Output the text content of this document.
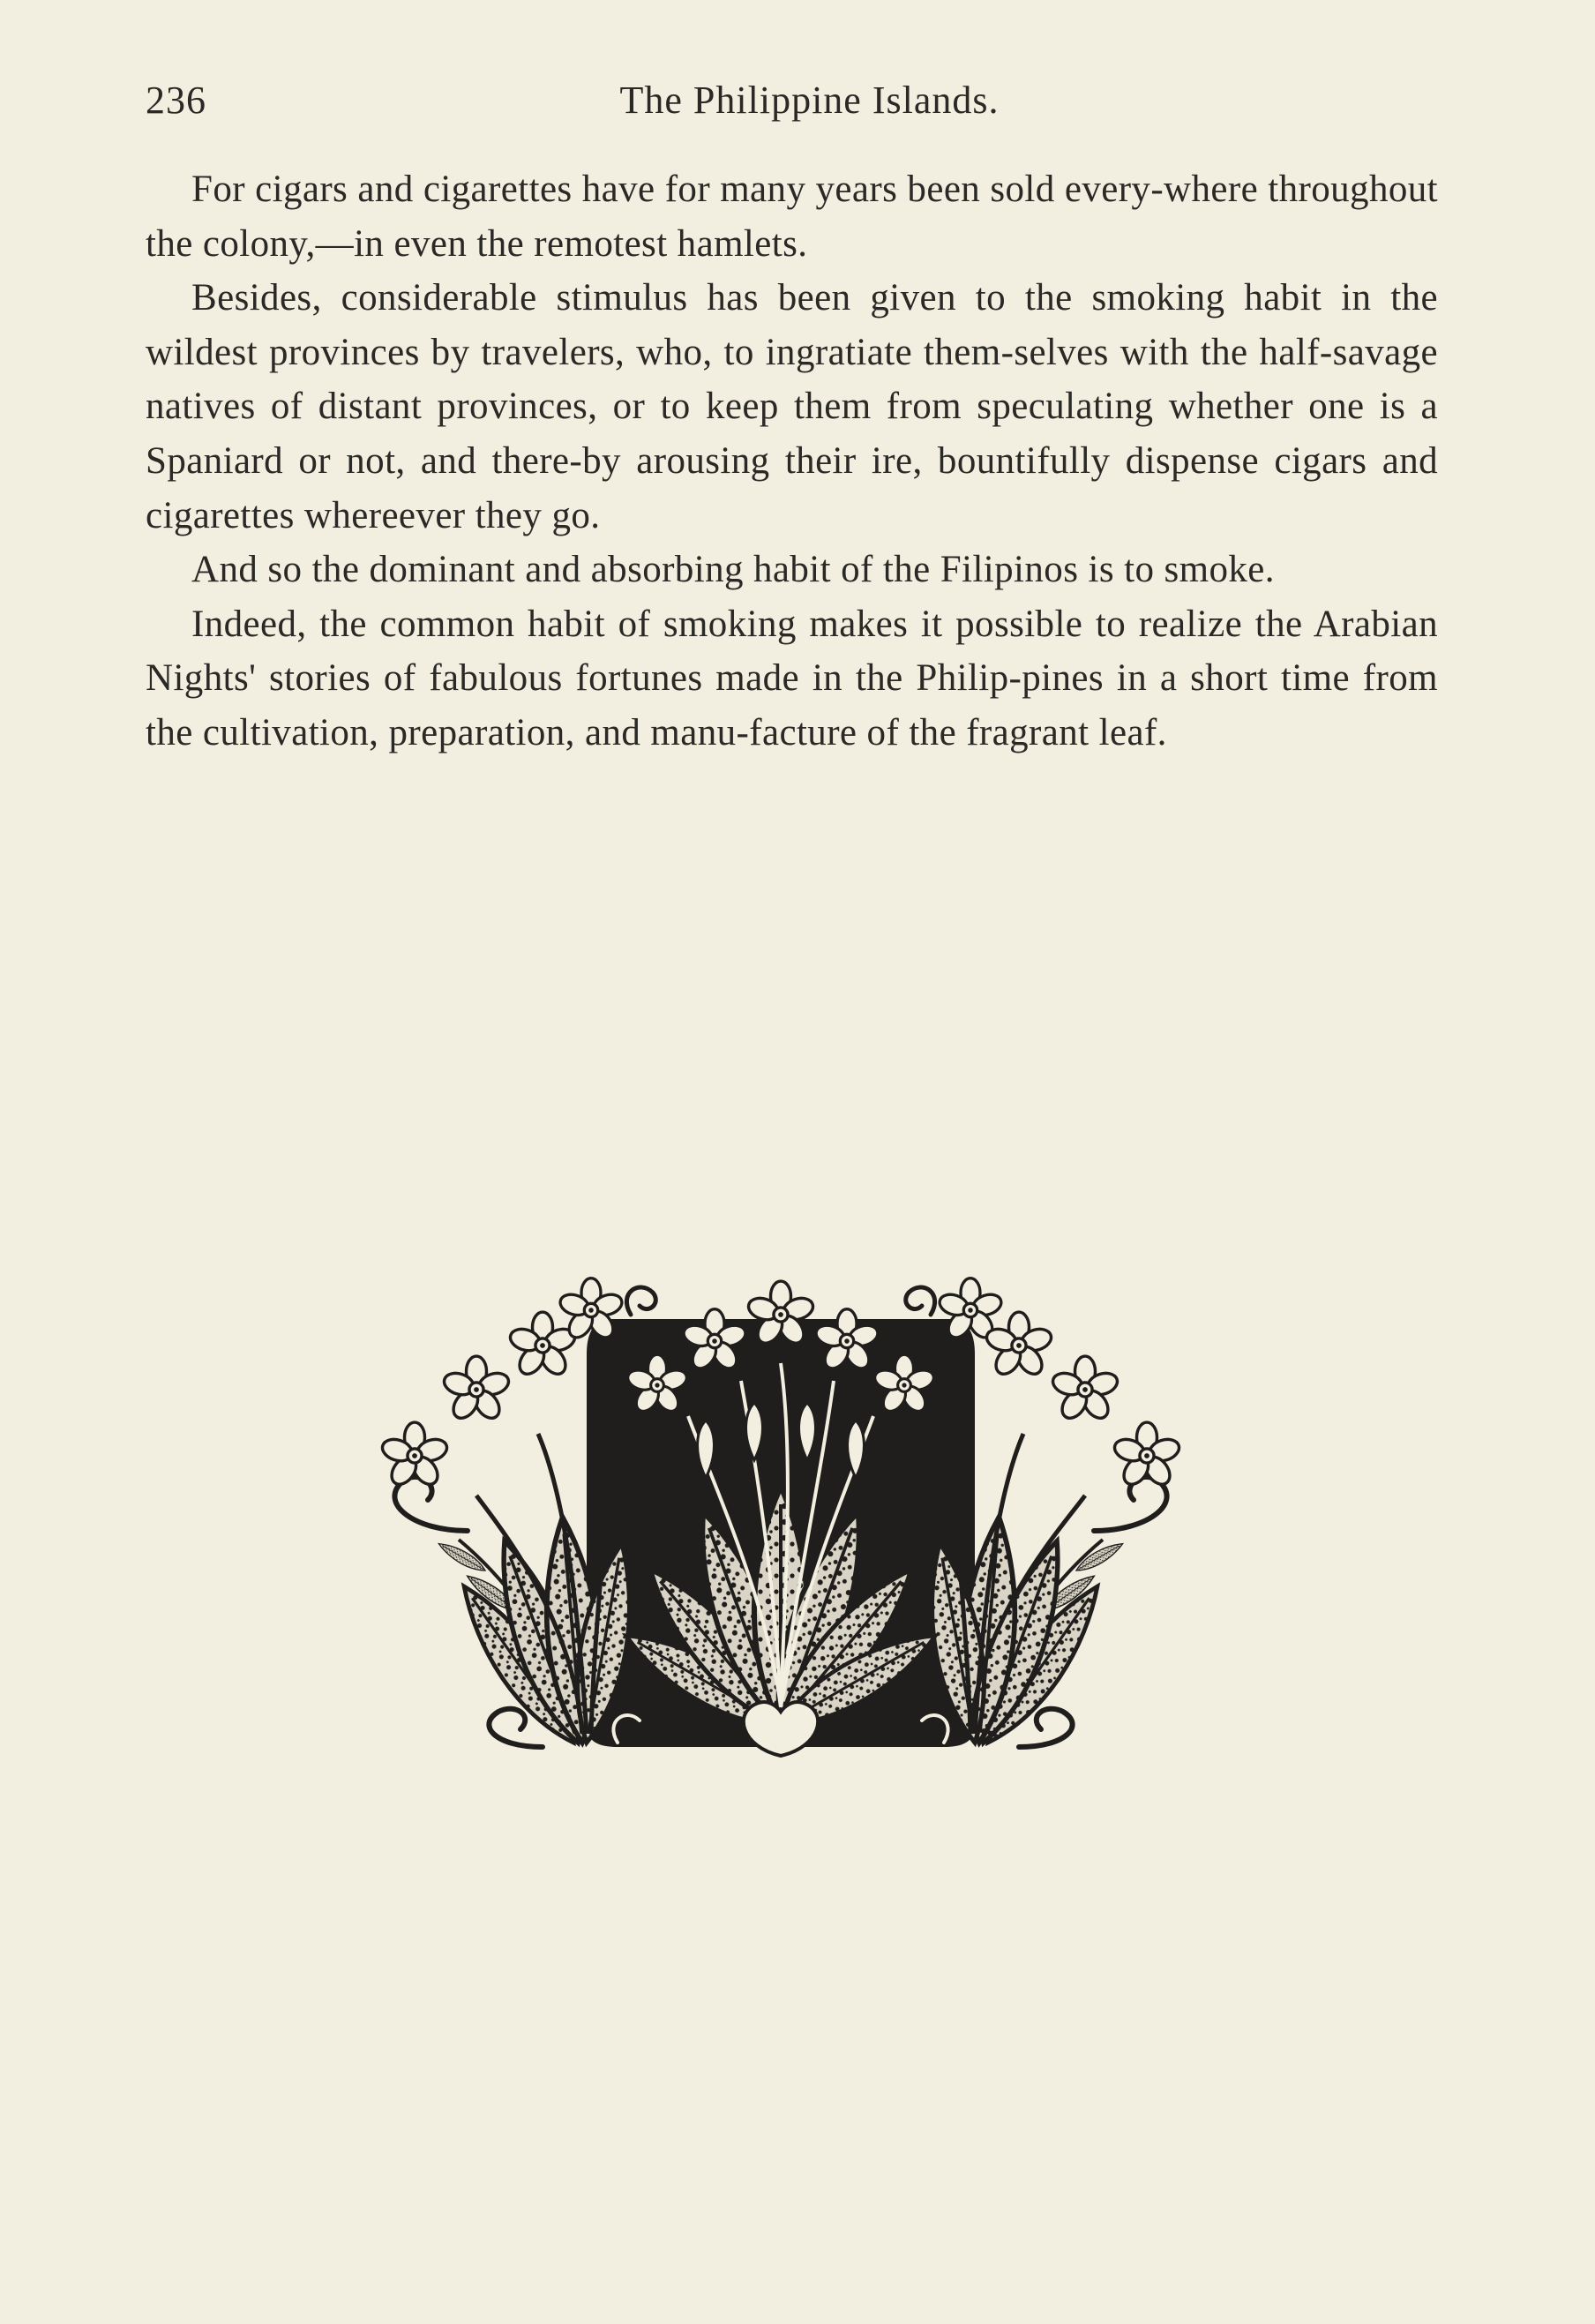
236	The Philippine Islands.

For cigars and cigarettes have for many years been sold every-where throughout the colony,—in even the remotest hamlets.

Besides, considerable stimulus has been given to the smoking habit in the wildest provinces by travelers, who, to ingratiate them-selves with the half-savage natives of distant provinces, or to keep them from speculating whether one is a Spaniard or not, and there-by arousing their ire, bountifully dispense cigars and cigarettes whereever they go.

And so the dominant and absorbing habit of the Filipinos is to smoke.

Indeed, the common habit of smoking makes it possible to realize the Arabian Nights' stories of fabulous fortunes made in the Philip-pines in a short time from the cultivation, preparation, and manu-facture of the fragrant leaf.
